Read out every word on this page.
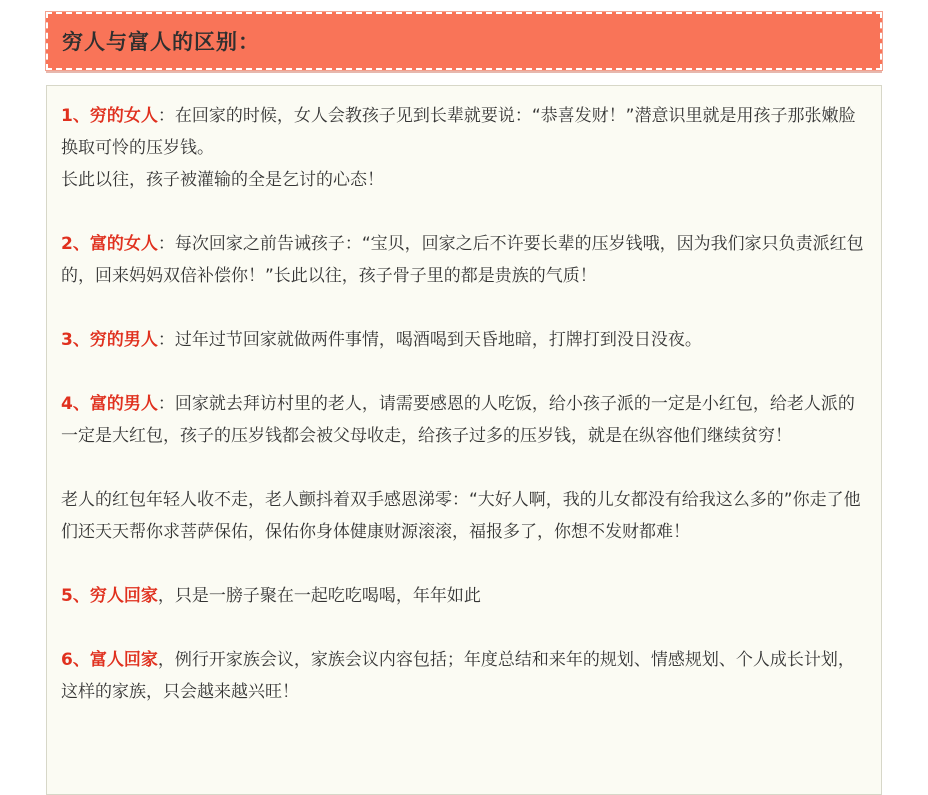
穷人与富人的区别：

1、穷的女人：在回家的时候，女人会教孩子见到长辈就要说：“恭喜发财！”潜意识里就是用孩子那张嫩脸换取可怜的压岁钱。
长此以往，孩子被灌输的全是乞讨的心态！

2、富的女人：每次回家之前告诫孩子：“宝贝，回家之后不许要长辈的压岁钱哦，因为我们家只负责派红包的，回来妈妈双倍补偿你！”长此以往，孩子骨子里的都是贵族的气质！

3、穷的男人：过年过节回家就做两件事情，喝酒喝到天昏地暗，打牌打到没日没夜。

4、富的男人：回家就去拜访村里的老人，请需要感恩的人吃饭，给小孩子派的一定是小红包，给老人派的一定是大红包，孩子的压岁钱都会被父母收走，给孩子过多的压岁钱，就是在纵容他们继续贫穷！

老人的红包年轻人收不走，老人颤抖着双手感恩涕零：“大好人啊，我的儿女都没有给我这么多的”你走了他们还天天帮你求菩萨保佑，保佑你身体健康财源滚滚，福报多了，你想不发财都难！

5、穷人回家，只是一膀子聚在一起吃吃喝喝，年年如此

6、富人回家，例行开家族会议，家族会议内容包括；年度总结和来年的规划、情感规划、个人成长计划，这样的家族，只会越来越兴旺！
